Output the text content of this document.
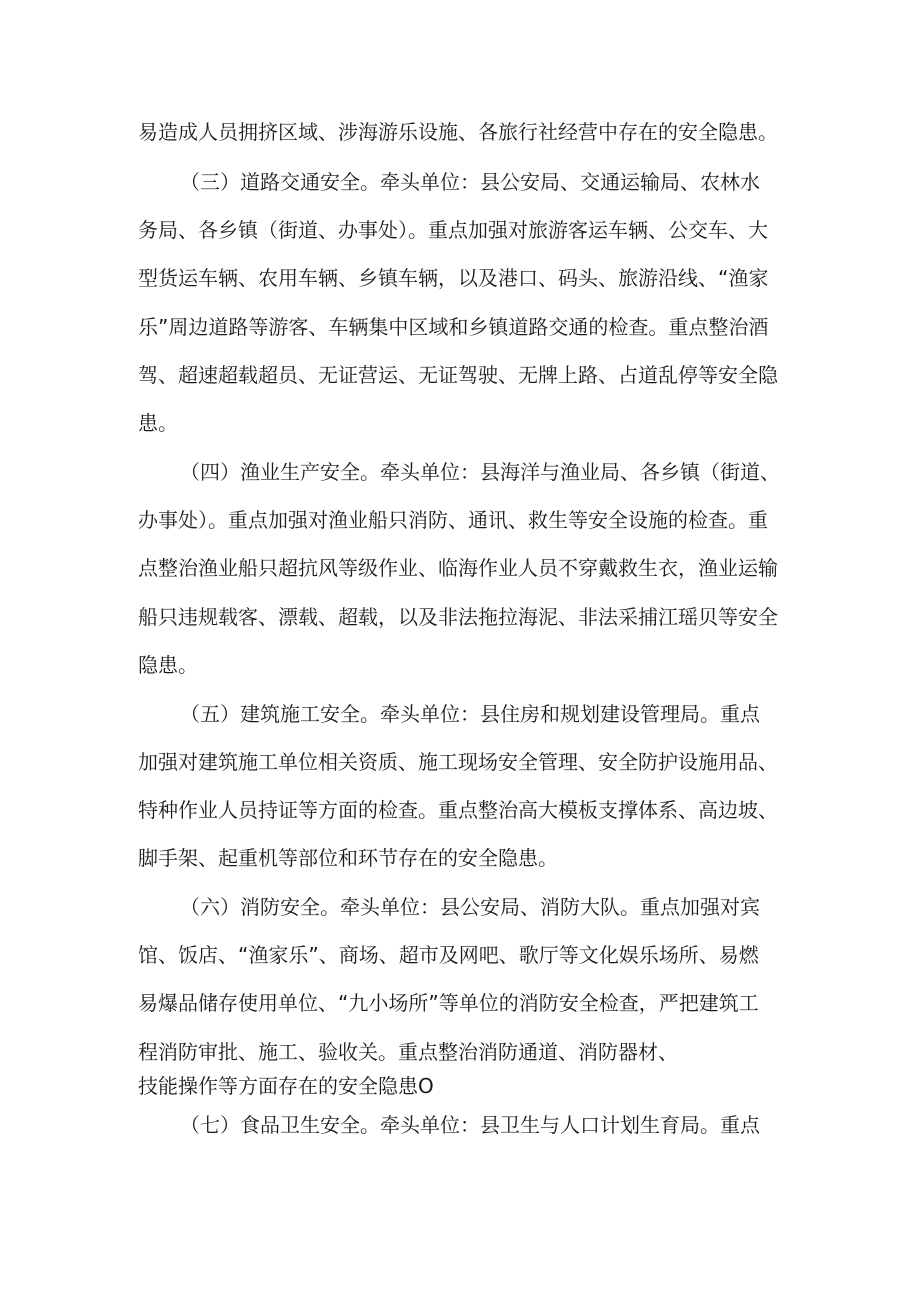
易造成人员拥挤区域、涉海游乐设施、各旅行社经营中存在的安全隐患。
（三）道路交通安全。牵头单位：县公安局、交通运输局、农林水
务局、各乡镇（街道、办事处）。重点加强对旅游客运车辆、公交车、大
型货运车辆、农用车辆、乡镇车辆，以及港口、码头、旅游沿线、“渔家
乐”周边道路等游客、车辆集中区域和乡镇道路交通的检查。重点整治酒
驾、超速超载超员、无证营运、无证驾驶、无牌上路、占道乱停等安全隐
患。
（四）渔业生产安全。牵头单位：县海洋与渔业局、各乡镇（街道、
办事处）。重点加强对渔业船只消防、通讯、救生等安全设施的检查。重
点整治渔业船只超抗风等级作业、临海作业人员不穿戴救生衣，渔业运输
船只违规载客、漂载、超载，以及非法拖拉海泥、非法采捕江瑶贝等安全
隐患。
（五）建筑施工安全。牵头单位：县住房和规划建设管理局。重点
加强对建筑施工单位相关资质、施工现场安全管理、安全防护设施用品、
特种作业人员持证等方面的检查。重点整治高大模板支撑体系、高边坡、
脚手架、起重机等部位和环节存在的安全隐患。
（六）消防安全。牵头单位：县公安局、消防大队。重点加强对宾
馆、饭店、“渔家乐”、商场、超市及网吧、歌厅等文化娱乐场所、易燃
易爆品储存使用单位、“九小场所”等单位的消防安全检查，严把建筑工
程消防审批、施工、验收关。重点整治消防通道、消防器材、
技能操作等方面存在的安全隐患O
（七）食品卫生安全。牵头单位：县卫生与人口计划生育局。重点
